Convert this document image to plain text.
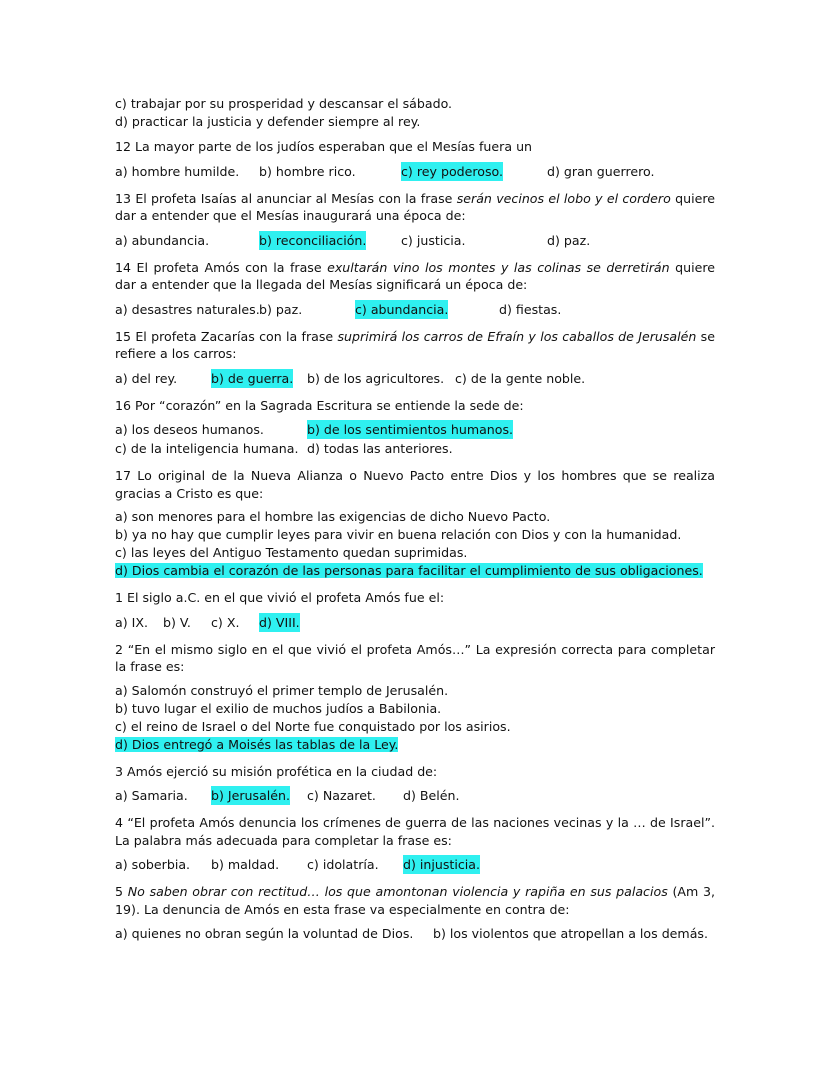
c) trabajar por su prosperidad y descansar el sábado.
d) practicar la justicia y defender siempre al rey.
12 La mayor parte de los judíos esperaban que el Mesías fuera un
a) hombre humilde. b) hombre rico.	c) rey poderoso.	d) gran guerrero.
13 El profeta Isaías al anunciar al Mesías con la frase serán vecinos el lobo y el cordero quiere dar a entender que el Mesías inaugurará una época de:
a) abundancia.	b) reconciliación.	c) justicia.	d) paz.
14 El profeta Amós con la frase exultarán vino los montes y las colinas se derretirán quiere dar a entender que la llegada del Mesías significará un época de:
a) desastres naturales. b) paz.	c) abundancia.	d) fiestas.
15 El profeta Zacarías con la frase suprimirá los carros de Efraín y los caballos de Jerusalén se refiere a los carros:
a) del rey.	b) de guerra. b) de los agricultores. c) de la gente noble.
16 Por “corazón” en la Sagrada Escritura se entiende la sede de:
a) los deseos humanos.	b) de los sentimientos humanos.
c) de la inteligencia humana. d) todas las anteriores.
17 Lo original de la Nueva Alianza o Nuevo Pacto entre Dios y los hombres que se realiza gracias a Cristo es que:
a) son menores para el hombre las exigencias de dicho Nuevo Pacto.
b) ya no hay que cumplir leyes para vivir en buena relación con Dios y con la humanidad.
c) las leyes del Antiguo Testamento quedan suprimidas.
d) Dios cambia el corazón de las personas para facilitar el cumplimiento de sus obligaciones.
1 El siglo a.C. en el que vivió el profeta Amós fue el:
a) IX. b) V. c) X. d) VIII.
2 “En el mismo siglo en el que vivió el profeta Amós…” La expresión correcta para completar la frase es:
a) Salomón construyó el primer templo de Jerusalén.
b) tuvo lugar el exilio de muchos judíos a Babilonia.
c) el reino de Israel o del Norte fue conquistado por los asirios.
d) Dios entregó a Moisés las tablas de la Ley.
3 Amós ejerció su misión profética en la ciudad de:
a) Samaria. b) Jerusalén. c) Nazaret. d) Belén.
4 “El profeta Amós denuncia los crímenes de guerra de las naciones vecinas y la … de Israel”. La palabra más adecuada para completar la frase es:
a) soberbia. b) maldad. c) idolatría. d) injusticia.
5 No saben obrar con rectitud… los que amontonan violencia y rapiña en sus palacios (Am 3, 19). La denuncia de Amós en esta frase va especialmente en contra de:
a) quienes no obran según la voluntad de Dios. b) los violentos que atropellan a los demás.
